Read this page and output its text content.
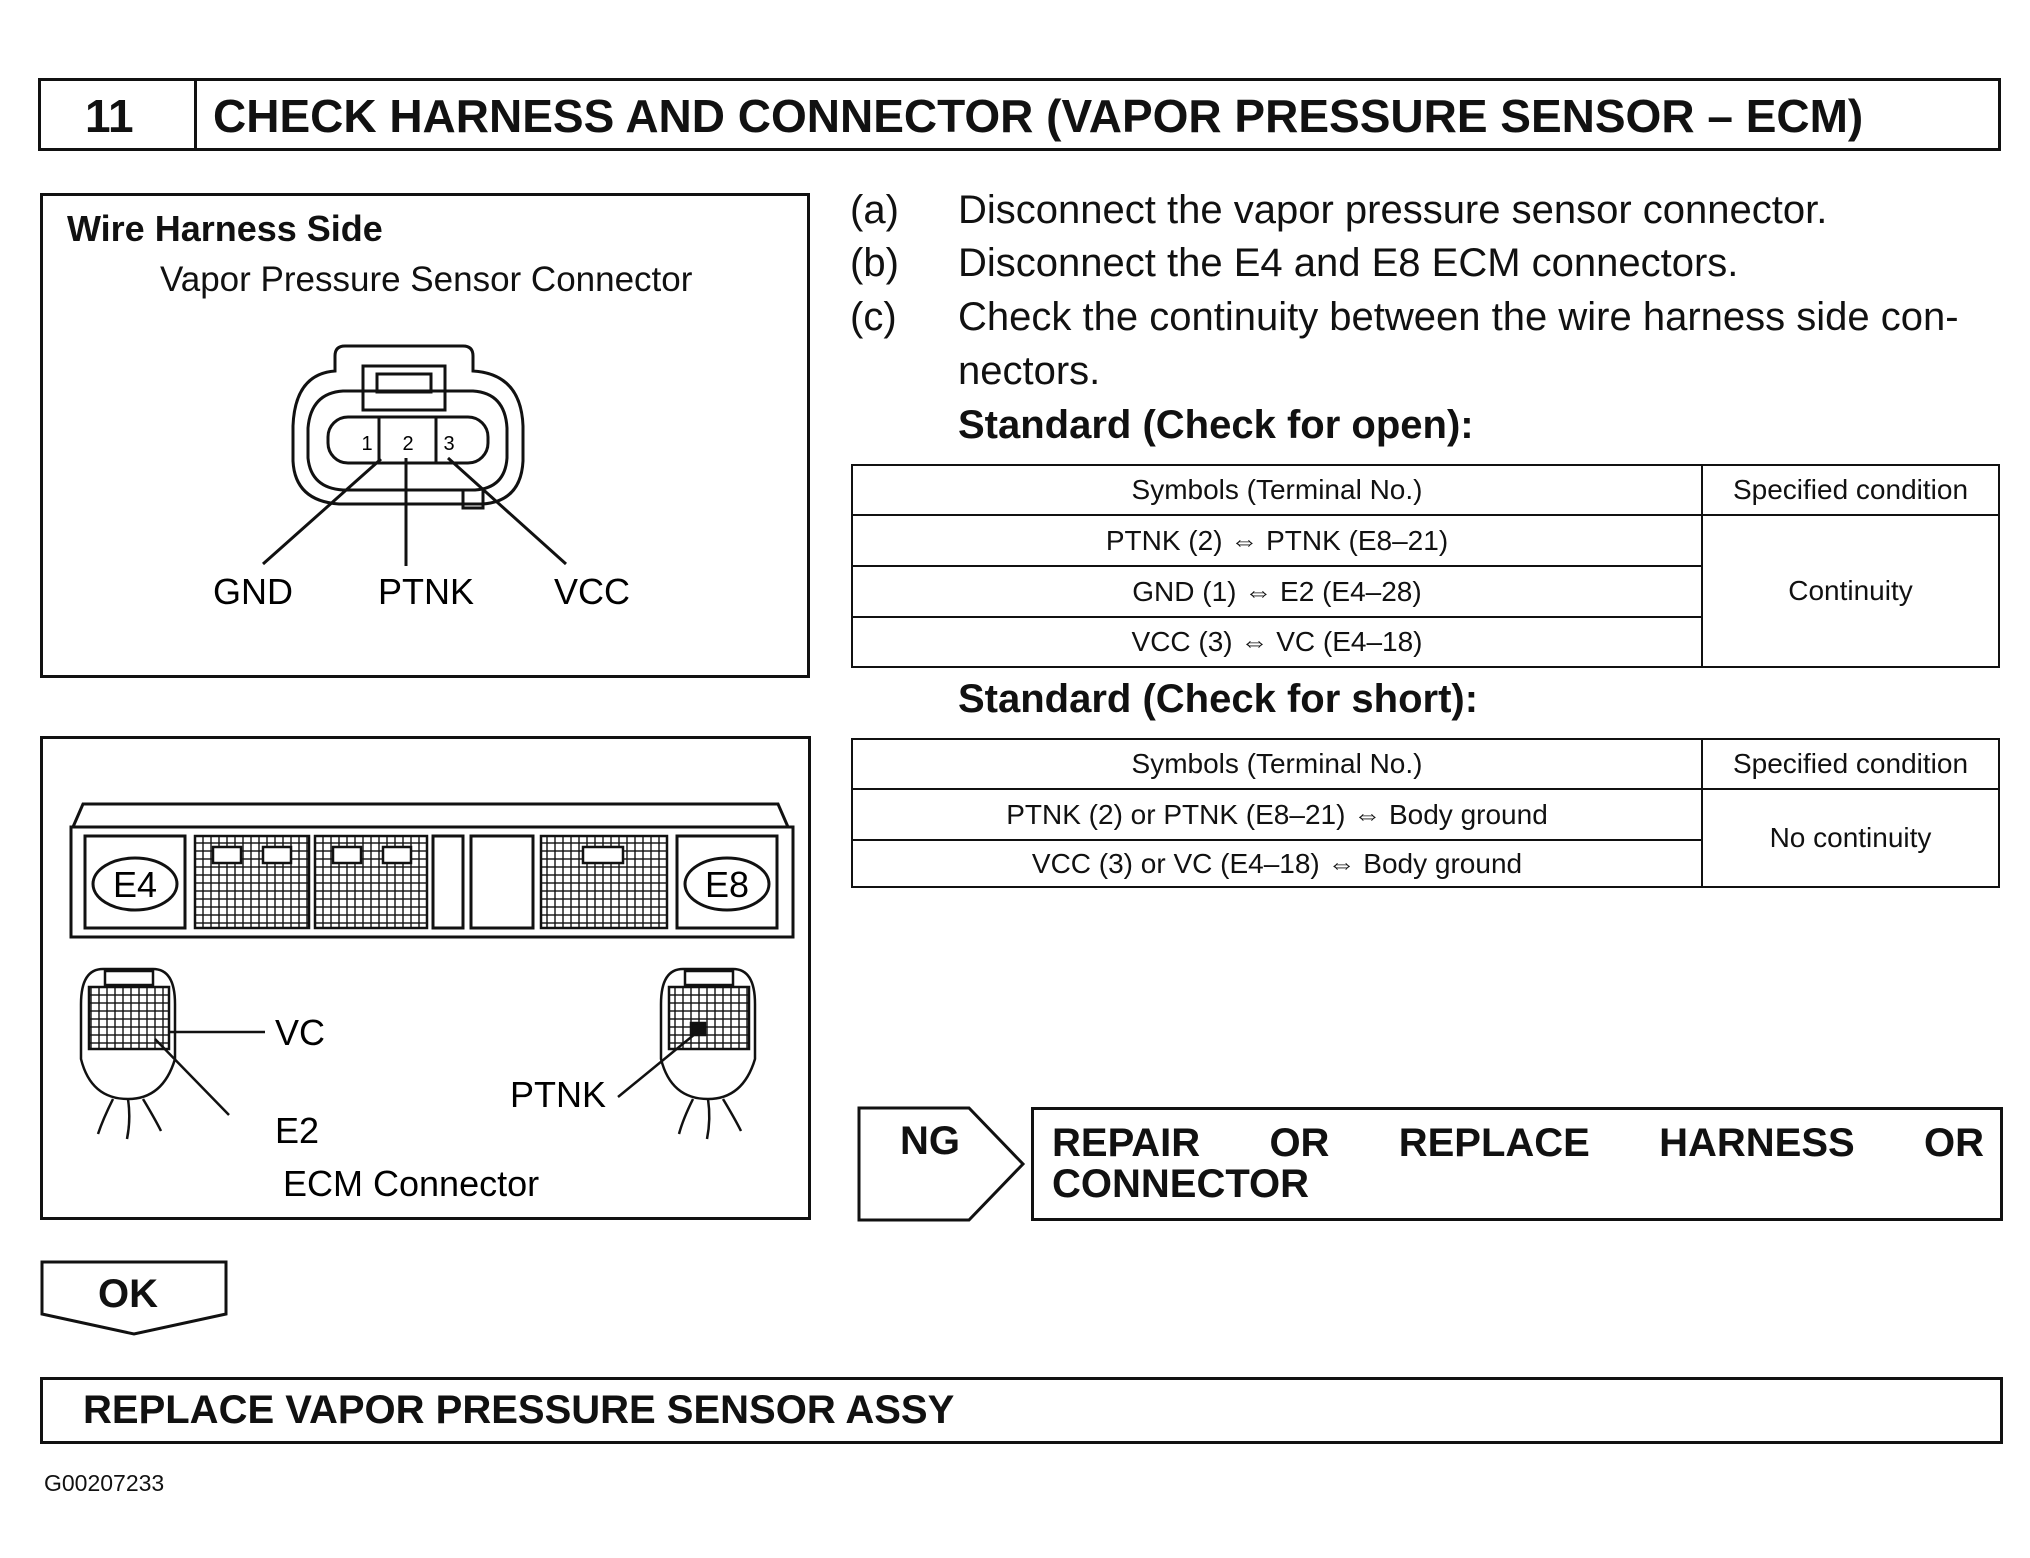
11 CHECK HARNESS AND CONNECTOR (VAPOR PRESSURE SENSOR – ECM)
Wire Harness Side
Vapor Pressure Sensor Connector
1 2 3
GND PTNK VCC
E4	E8
VC
E2
PTNK
ECM Connector
(a) Disconnect the vapor pressure sensor connector.
(b) Disconnect the E4 and E8 ECM connectors.
(c) Check the continuity between the wire harness side con-
nectors.
Standard (Check for open):
Symbols (Terminal No.)	Specified condition
PTNK (2) ⇔ PTNK (E8–21)	Continuity
GND (1) ⇔ E2 (E4–28)	
VCC (3) ⇔ VC (E4–18)	
Standard (Check for short):
Symbols (Terminal No.)	Specified condition
PTNK (2) or PTNK (E8–21) ⇔ Body ground	No continuity
VCC (3) or VC (E4–18) ⇔ Body ground	
NG REPAIR OR REPLACE HARNESS OR
CONNECTOR
OK
REPLACE VAPOR PRESSURE SENSOR ASSY
G00207233
